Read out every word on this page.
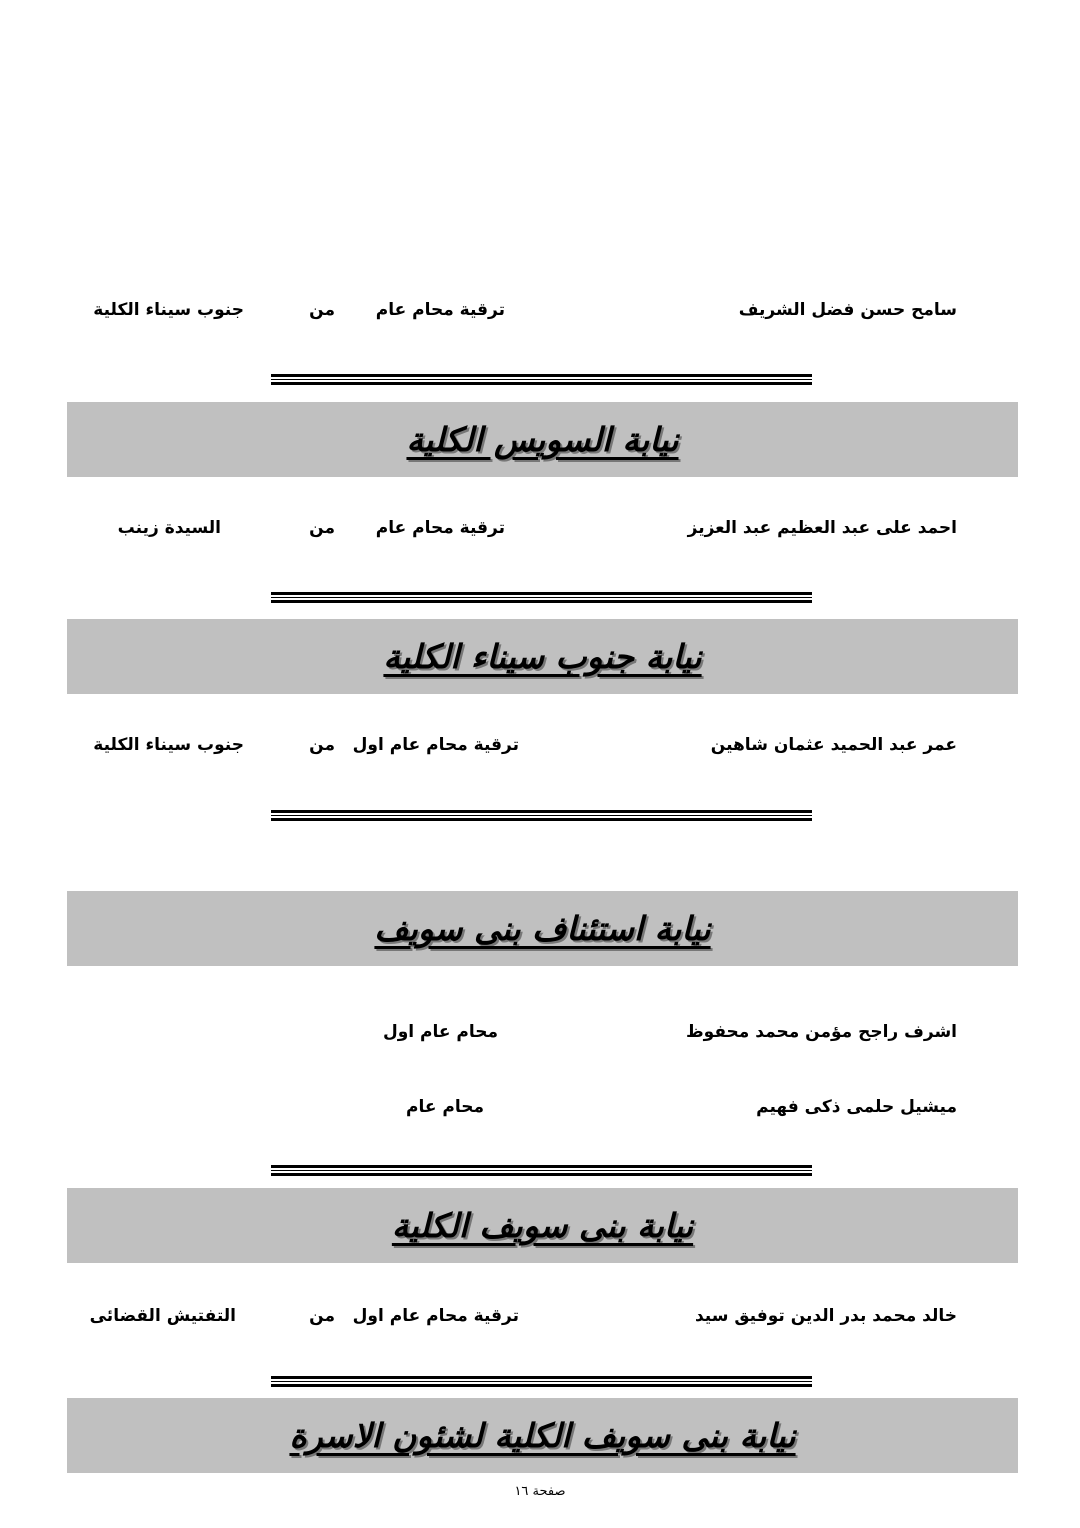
سامح حسن فضل الشريف
ترقية محام عام
من
جنوب سيناء الكلية
نيابة السويس الكلية
احمد على عبد العظيم عبد العزيز
ترقية محام عام
من
السيدة زينب
نيابة جنوب سيناء الكلية
عمر عبد الحميد عثمان شاهين
ترقية محام عام اول
من
جنوب سيناء الكلية
نيابة استئناف بنى سويف
اشرف راجح مؤمن محمد محفوظ
محام عام اول
ميشيل حلمى ذكى فهيم
محام عام
نيابة بنى سويف الكلية
خالد محمد بدر الدين توفيق سيد
ترقية محام عام اول
من
التفتيش القضائى
نيابة بنى سويف الكلية لشئون الاسرة
صفحة ١٦
